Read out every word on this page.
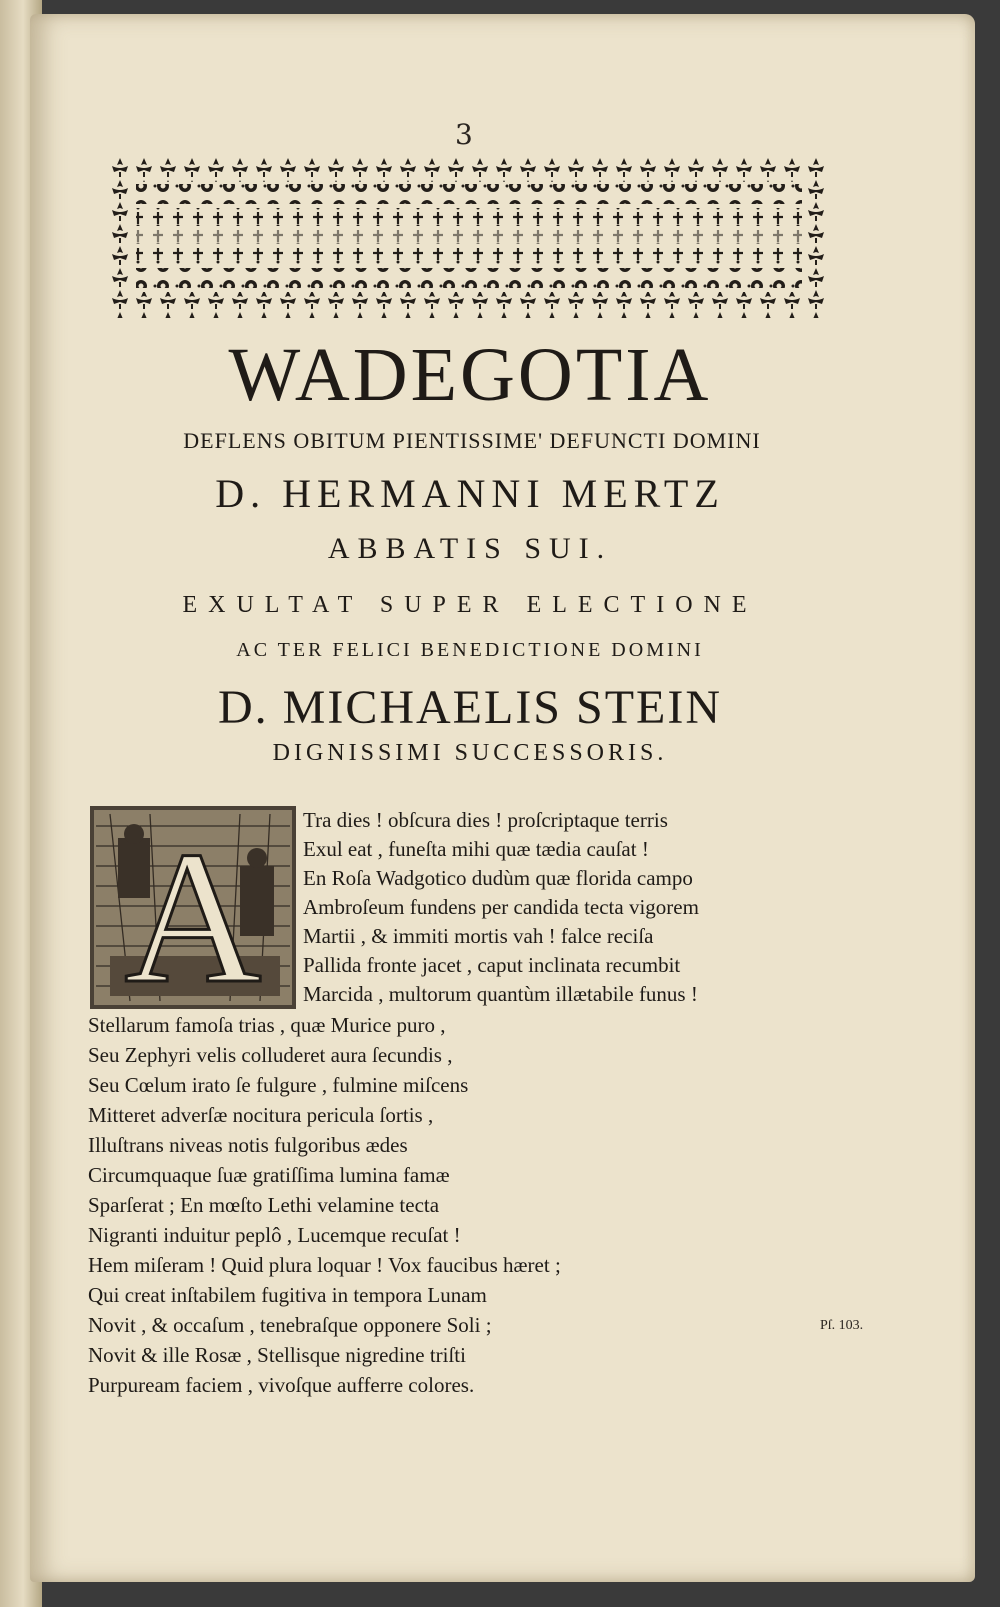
3
WADEGOTIA
DEFLENS OBITUM PIENTISSIME' DEFUNCTI DOMINI
D. HERMANNI MERTZ
ABBATIS SUI.
EXULTAT SUPER ELECTIONE
AC TER FELICI BENEDICTIONE DOMINI
D. MICHAELIS STEIN
DIGNISSIMI SUCCESSORIS.
A Tra dies ! obſcura dies ! proſcriptaque terris
Exul eat , funeſta mihi quæ tædia cauſat !
En Roſa Wadgotico dudùm quæ florida campo
Ambroſeum fundens per candida tecta vigorem
Martii , & immiti mortis vah ! falce reciſa
Pallida fronte jacet , caput inclinata recumbit
Marcida , multorum quantùm illætabile funus !
Stellarum famoſa trias , quæ Murice puro ,
Seu Zephyri velis colluderet aura ſecundis ,
Seu Cœlum irato ſe fulgure , fulmine miſcens
Mitteret adverſæ nocitura pericula ſortis ,
Illuſtrans niveas notis fulgoribus ædes
Circumquaque ſuæ gratiſſima lumina famæ
Sparſerat ; En mœſto Lethi velamine tecta
Nigranti induitur peplô , Lucemque recuſat !
Hem miſeram ! Quid plura loquar ! Vox faucibus hæret ;
Qui creat inſtabilem fugitiva in tempora Lunam
Novit , & occaſum , tenebraſque opponere Soli ;
Novit & ille Rosæ , Stellisque nigredine triſti
Purpuream faciem , vivoſque aufferre colores.
Pſ. 103.
